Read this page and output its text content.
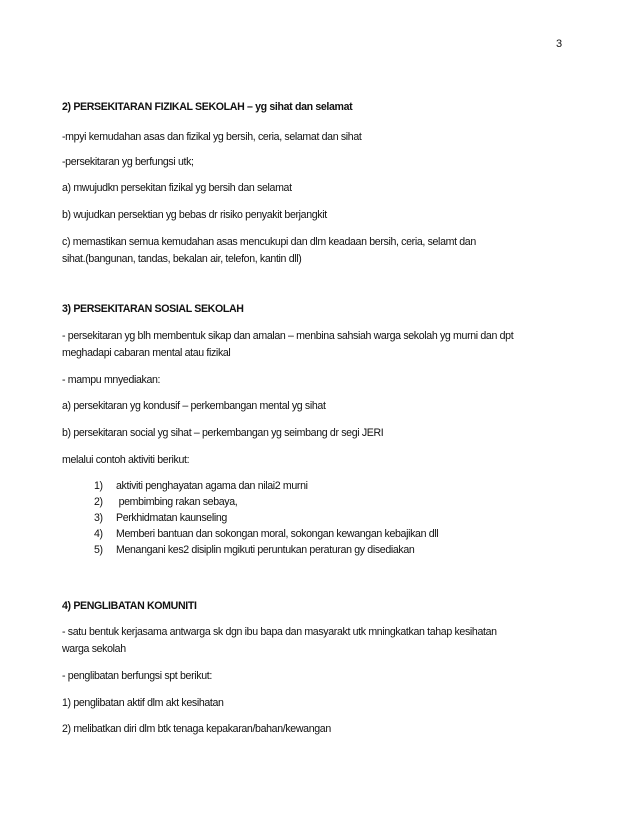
3
2) PERSEKITARAN FIZIKAL SEKOLAH – yg sihat dan selamat
-mpyi kemudahan asas dan fizikal yg bersih, ceria, selamat dan sihat
-persekitaran yg berfungsi utk;
a) mwujudkn persekitan fizikal yg bersih dan selamat
b) wujudkan persektian yg bebas dr risiko penyakit berjangkit
c) memastikan semua kemudahan asas mencukupi dan dlm keadaan bersih, ceria, selamt dan
sihat.(bangunan, tandas, bekalan air, telefon, kantin dll)
3) PERSEKITARAN SOSIAL SEKOLAH
- persekitaran yg blh membentuk sikap dan amalan – menbina sahsiah warga sekolah yg murni dan dpt
meghadapi cabaran mental atau fizikal
- mampu mnyediakan:
a) persekitaran yg kondusif – perkembangan mental yg sihat
b) persekitaran social yg sihat – perkembangan yg seimbang dr segi JERI
melalui contoh aktiviti berikut:
1) aktiviti penghayatan agama dan nilai2 murni
2) pembimbing rakan sebaya,
3) Perkhidmatan kaunseling
4) Memberi bantuan dan sokongan moral, sokongan kewangan kebajikan dll
5) Menangani kes2 disiplin mgikuti peruntukan peraturan gy disediakan
4) PENGLIBATAN KOMUNITI
- satu bentuk kerjasama antwarga sk dgn ibu bapa dan masyarakt utk mningkatkan tahap kesihatan
warga sekolah
- penglibatan berfungsi spt berikut:
1) penglibatan aktif dlm akt kesihatan
2) melibatkan diri dlm btk tenaga kepakaran/bahan/kewangan
